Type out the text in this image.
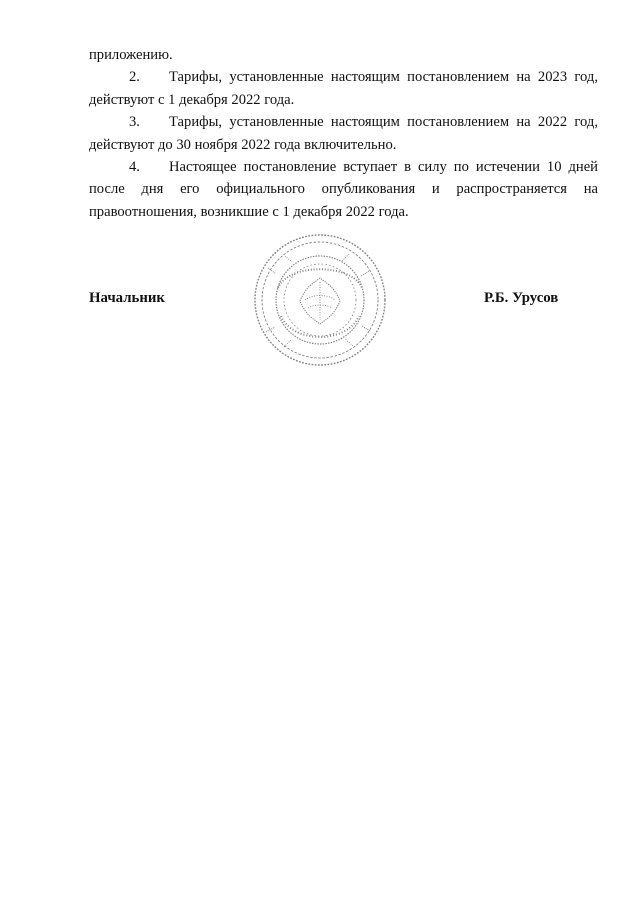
приложению.
2. Тарифы, установленные настоящим постановлением на 2023 год,
действуют с 1 декабря 2022 года.
3. Тарифы, установленные настоящим постановлением на 2022 год,
действуют до 30 ноября 2022 года включительно.
4. Настоящее постановление вступает в силу по истечении 10 дней
после дня его официального опубликования и распространяется на
правоотношения, возникшие с 1 декабря 2022 года.
Начальник	Р.Б. Урусов
